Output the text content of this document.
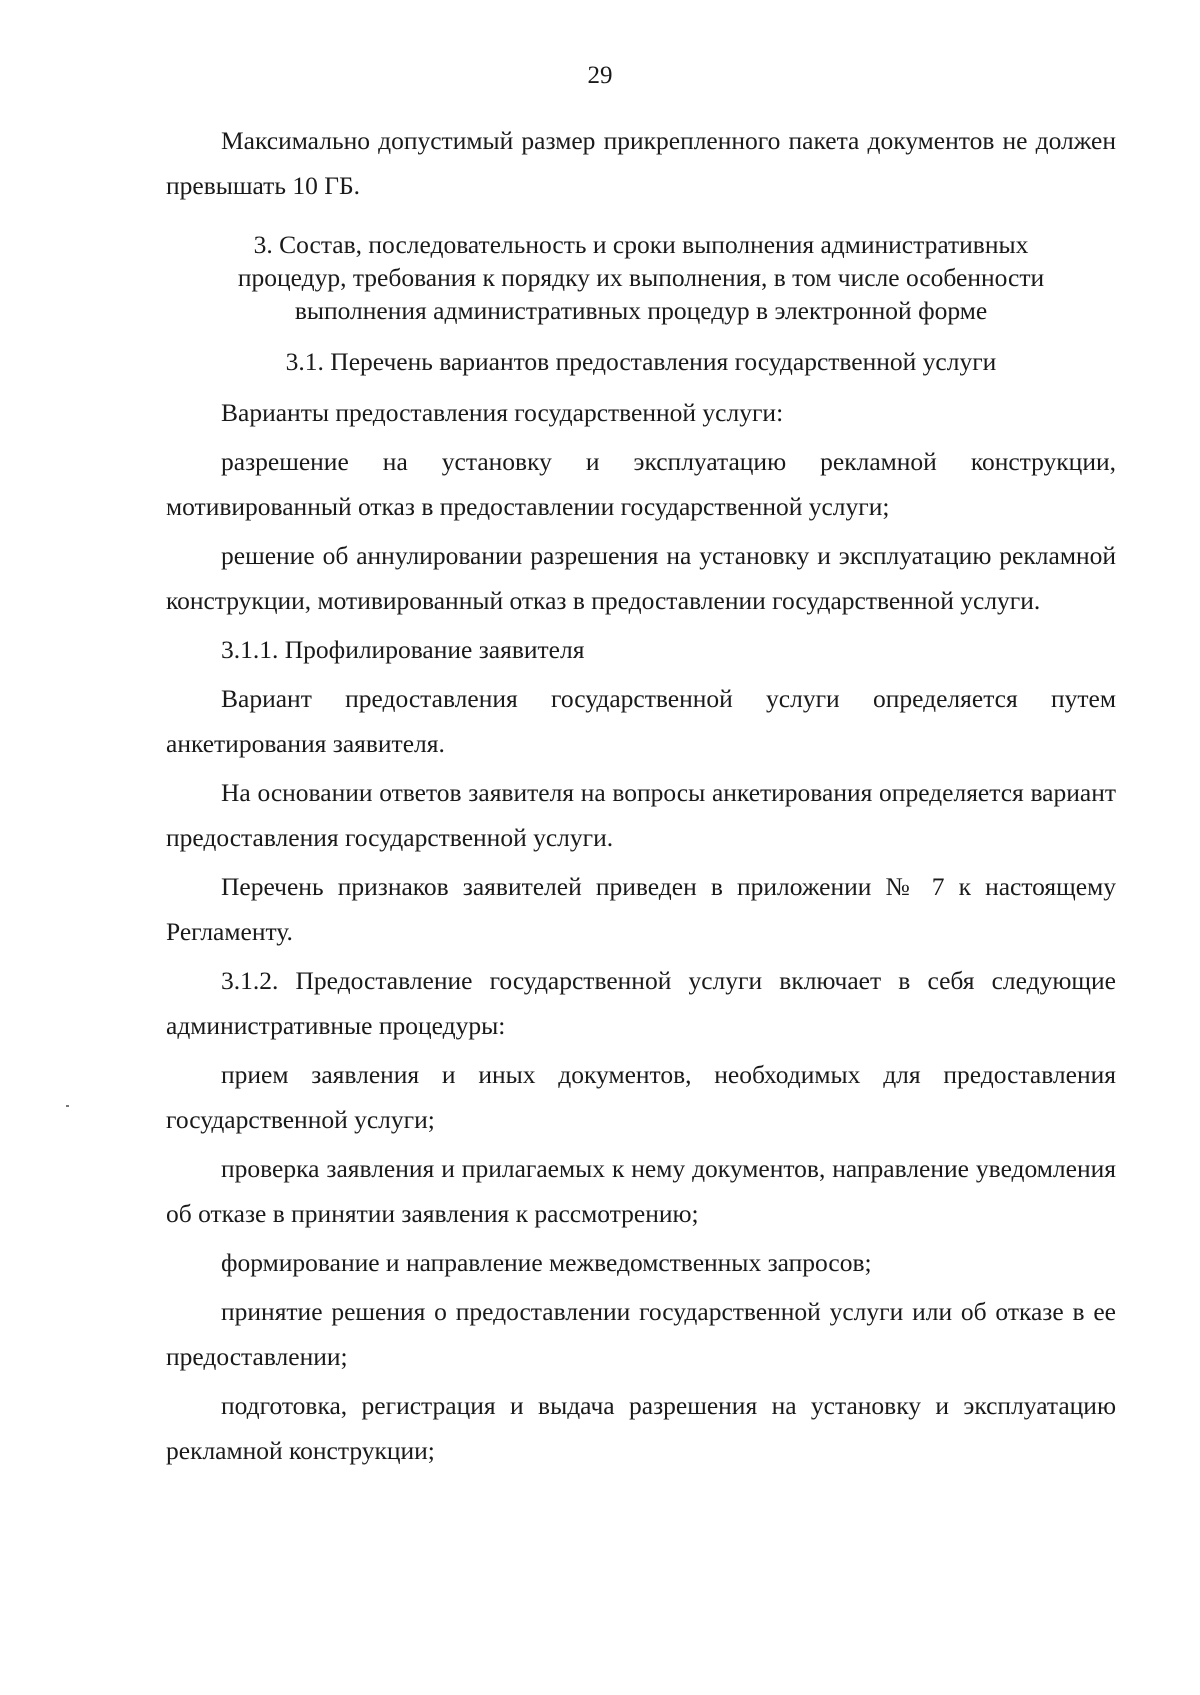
29

Максимально допустимый размер прикрепленного пакета документов не должен превышать 10 ГБ.

3. Состав, последовательность и сроки выполнения административных
процедур, требования к порядку их выполнения, в том числе особенности
выполнения административных процедур в электронной форме
3.1. Перечень вариантов предоставления государственной услуги

Варианты предоставления государственной услуги:

разрешение на установку и эксплуатацию рекламной конструкции, мотивированный отказ в предоставлении государственной услуги;

решение об аннулировании разрешения на установку и эксплуатацию рекламной конструкции, мотивированный отказ в предоставлении государственной услуги.

3.1.1. Профилирование заявителя

Вариант предоставления государственной услуги определяется путем анкетирования заявителя.

На основании ответов заявителя на вопросы анкетирования определяется вариант предоставления государственной услуги.

Перечень признаков заявителей приведен в приложении № 7 к настоящему Регламенту.

3.1.2. Предоставление государственной услуги включает в себя следующие административные процедуры:

прием заявления и иных документов, необходимых для предоставления государственной услуги;

проверка заявления и прилагаемых к нему документов, направление уведомления об отказе в принятии заявления к рассмотрению;

формирование и направление межведомственных запросов;

принятие решения о предоставлении государственной услуги или об отказе в ее предоставлении;

подготовка, регистрация и выдача разрешения на установку и эксплуатацию рекламной конструкции;
